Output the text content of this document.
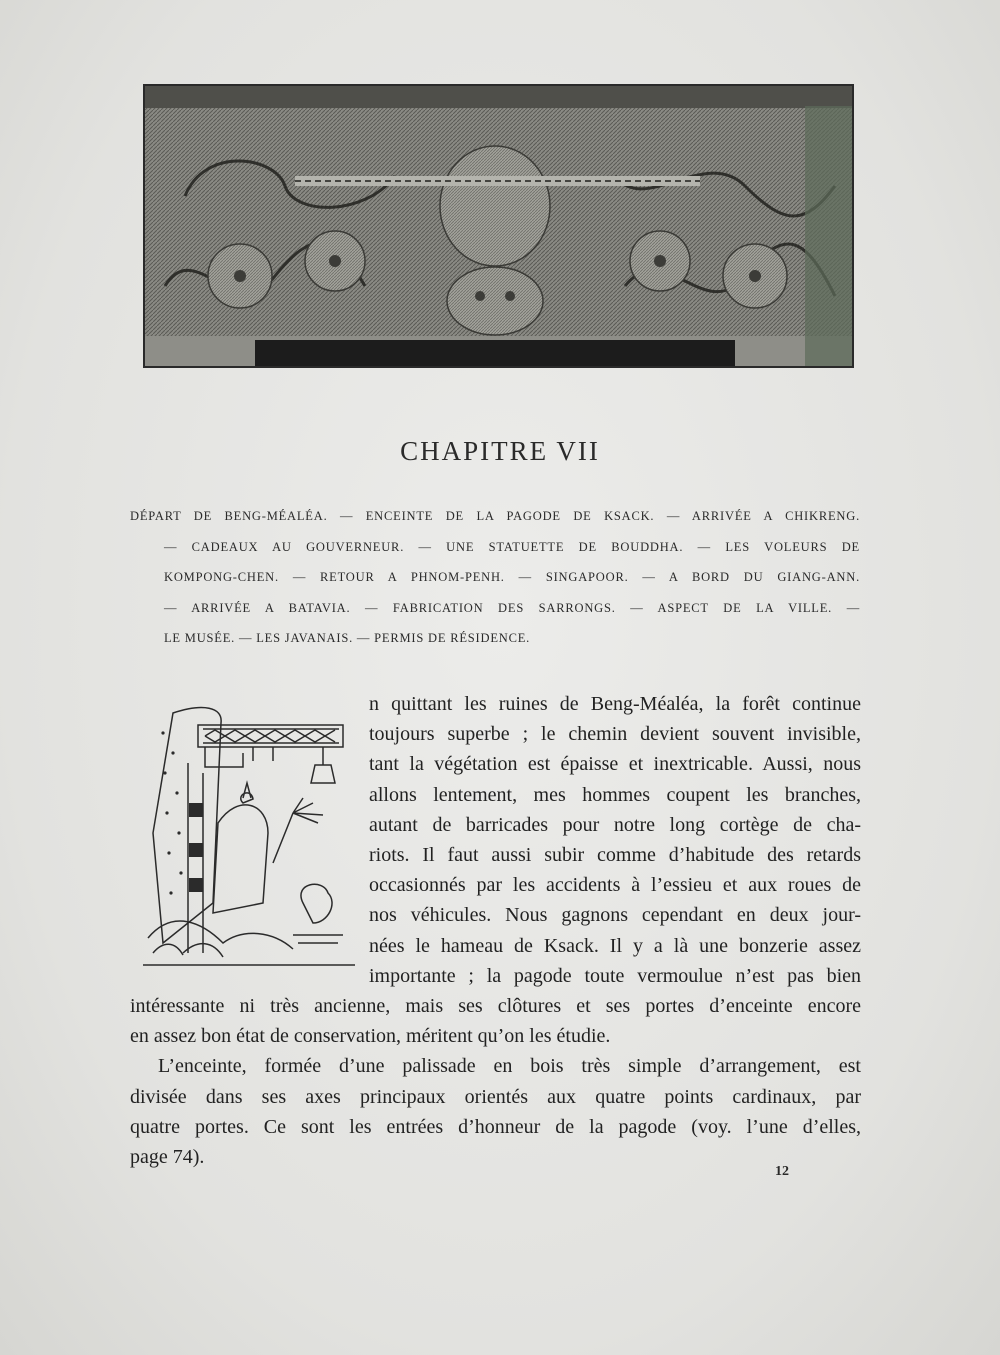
CHAPITRE VII
DÉPART DE BENG-MÉALÉA. — ENCEINTE DE LA PAGODE DE KSACK. — ARRIVÉE A CHIKRENG.
— CADEAUX AU GOUVERNEUR. — UNE STATUETTE DE BOUDDHA. — LES VOLEURS DE
KOMPONG-CHEN. — RETOUR A PHNOM-PENH. — SINGAPOOR. — A BORD DU GIANG-ANN.
— ARRIVÉE A BATAVIA. — FABRICATION DES SARRONGS. — ASPECT DE LA VILLE. —
LE MUSÉE. — LES JAVANAIS. — PERMIS DE RÉSIDENCE.

n quittant les ruines de Beng-Méaléa, la forêt continue
toujours superbe ; le chemin devient souvent invisible,
tant la végétation est épaisse et inextricable. Aussi, nous
allons lentement, mes hommes coupent les branches,
autant de barricades pour notre long cortège de cha-
riots. Il faut aussi subir comme d’habitude des retards
occasionnés par les accidents à l’essieu et aux roues de
nos véhicules. Nous gagnons cependant en deux jour-
nées le hameau de Ksack. Il y a là une bonzerie assez
importante ; la pagode toute vermoulue n’est pas bien
intéressante ni très ancienne, mais ses clôtures et ses portes d’enceinte encore
en assez bon état de conservation, méritent qu’on les étudie.

L’enceinte, formée d’une palissade en bois très simple d’arrangement, est
divisée dans ses axes principaux orientés aux quatre points cardinaux, par
quatre portes. Ce sont les entrées d’honneur de la pagode (voy. l’une d’elles,
page 74).

12
